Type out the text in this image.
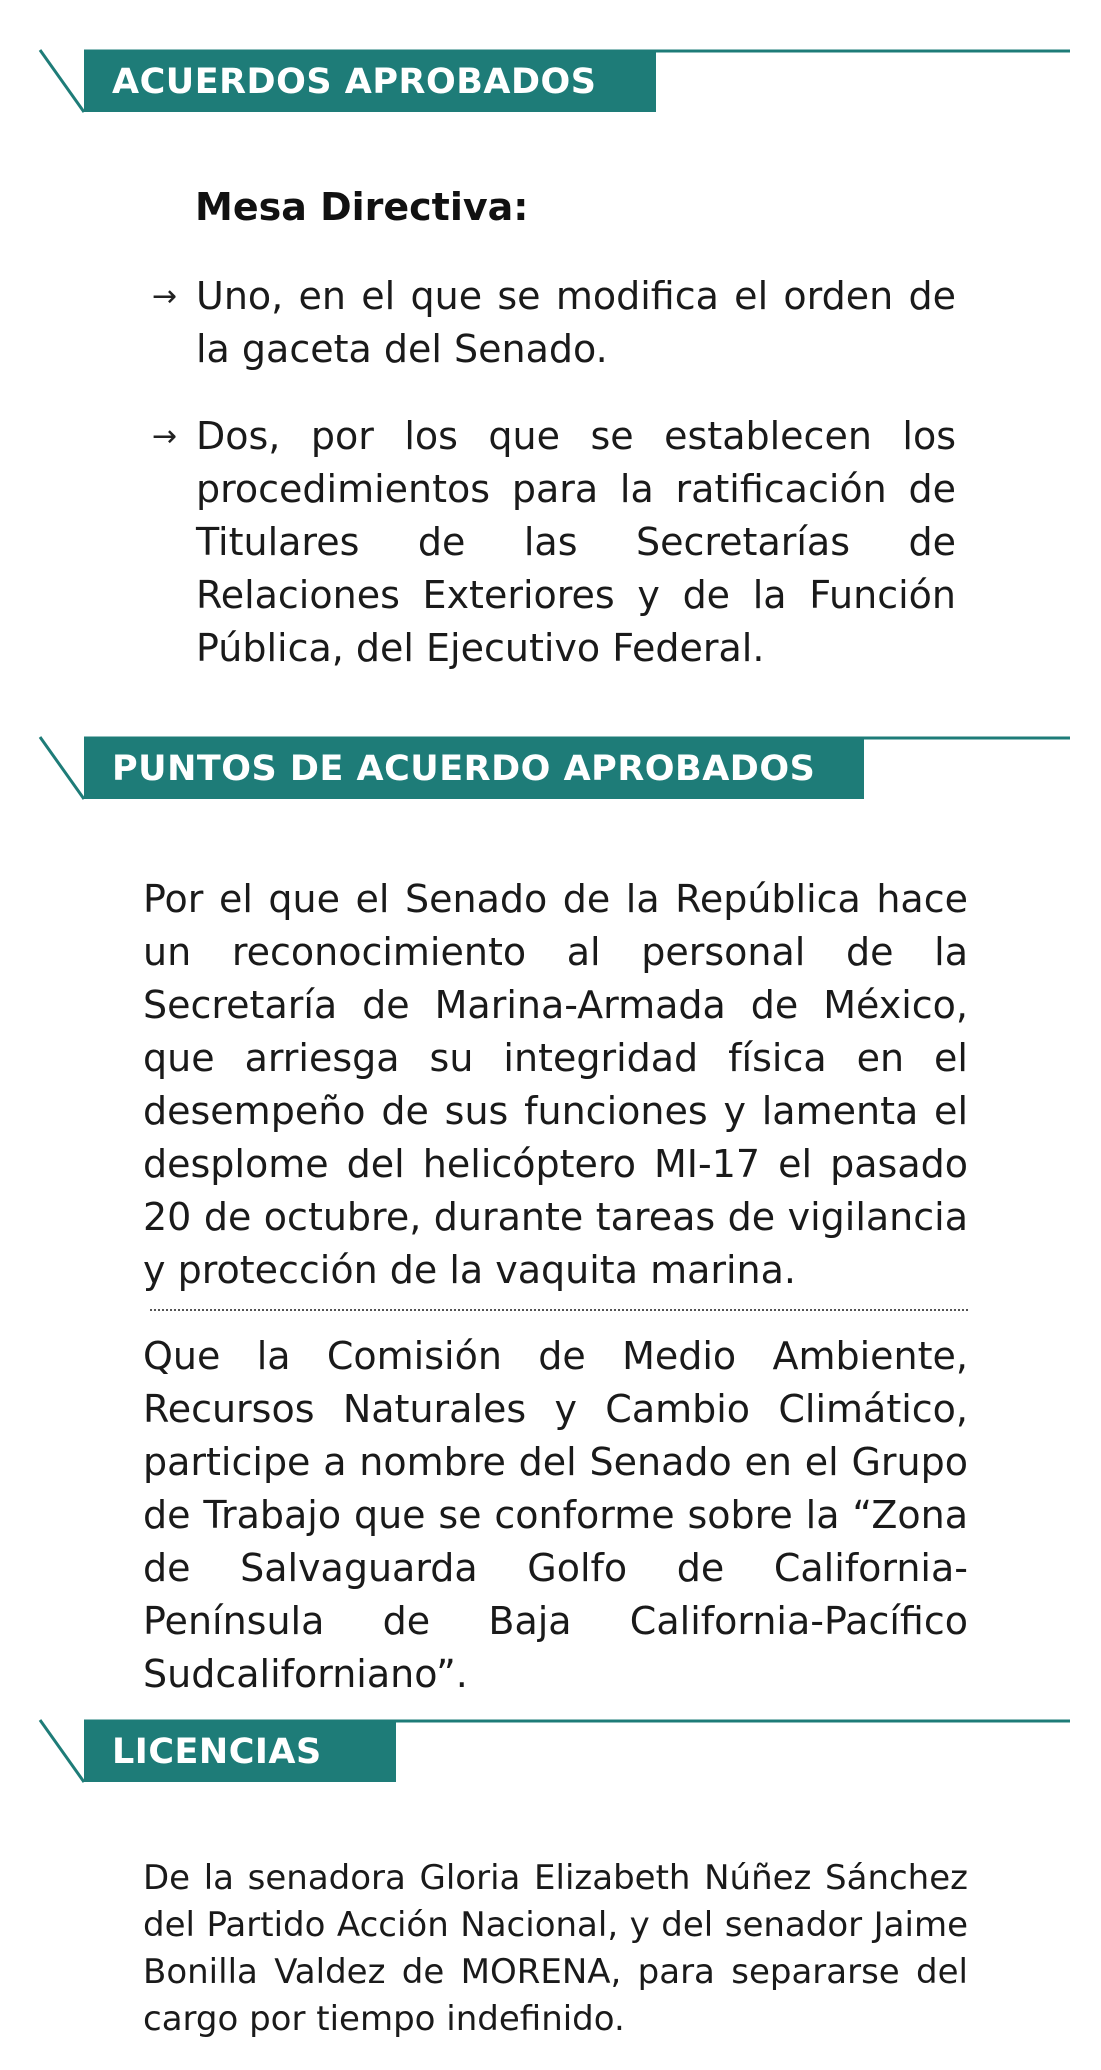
ACUERDOS APROBADOS
Mesa Directiva:
→ Uno, en el que se modifica el orden de la gaceta del Senado.
→ Dos, por los que se establecen los procedimientos para la ratificación de Titulares de las Secretarías de Relaciones Exteriores y de la Función Pública, del Ejecutivo Federal.
PUNTOS DE ACUERDO APROBADOS
Por el que el Senado de la República hace un reconocimiento al personal de la Secretaría de Marina-Armada de México, que arriesga su integridad física en el desempeño de sus funciones y lamenta el desplome del helicóptero MI-17 el pasado 20 de octubre, durante tareas de vigilancia y protección de la vaquita marina.
Que la Comisión de Medio Ambiente, Recursos Naturales y Cambio Climático, participe a nombre del Senado en el Grupo de Trabajo que se conforme sobre la “Zona de Salvaguarda Golfo de California-Península de Baja California-Pacífico Sudcaliforniano”.
LICENCIAS
De la senadora Gloria Elizabeth Núñez Sánchez del Partido Acción Nacional, y del senador Jaime Bonilla Valdez de MORENA, para separarse del cargo por tiempo indefinido.
